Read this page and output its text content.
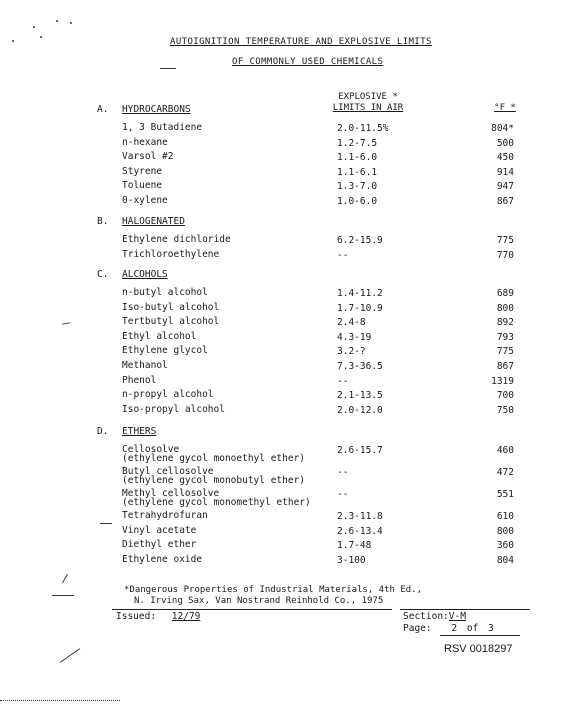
AUTOIGNITION TEMPERATURE AND EXPLOSIVE LIMITS
OF COMMONLY USED CHEMICALS
EXPLOSIVE *
LIMITS IN AIR	°F *
A. HYDROCARBONS
1, 3 Butadiene	2.0-11.5%	804*
n-hexane	1.2-7.5	500
Varsol #2	1.1-6.0	450
Styrene	1.1-6.1	914
Toluene	1.3-7.0	947
0-xylene	1.0-6.0	867
B. HALOGENATED
Ethylene dichloride	6.2-15.9	775
Trichloroethylene	--	770
C. ALCOHOLS
n-butyl alcohol	1.4-11.2	689
Iso-butyl alcohol	1.7-10.9	800
Tertbutyl alcohol	2.4-8	892
Ethyl alcohol	4.3-19	793
Ethylene glycol	3.2-?	775
Methanol	7.3-36.5	867
Phenol	--	1319
n-propyl alcohol	2.1-13.5	700
Iso-propyl alcohol	2.0-12.0	750
D. ETHERS
Cellosolve	2.6-15.7	460
(ethylene gycol monoethyl ether)
Butyl cellosolve	--	472
(ethylene gycol monobutyl ether)
Methyl cellosolve	--	551
(ethylene gycol monomethyl ether)
Tetrahydrofuran	2.3-11.8	610
Vinyl acetate	2.6-13.4	800
Diethyl ether	1.7-48	360
Ethylene oxide	3-100	804
*Dangerous Properties of Industrial Materials, 4th Ed.,
N. Irving Sax, Van Nostrand Reinhold Co., 1975
Issued: 12/79	Section:V-M
Page: 2 of 3
RSV 0018297
